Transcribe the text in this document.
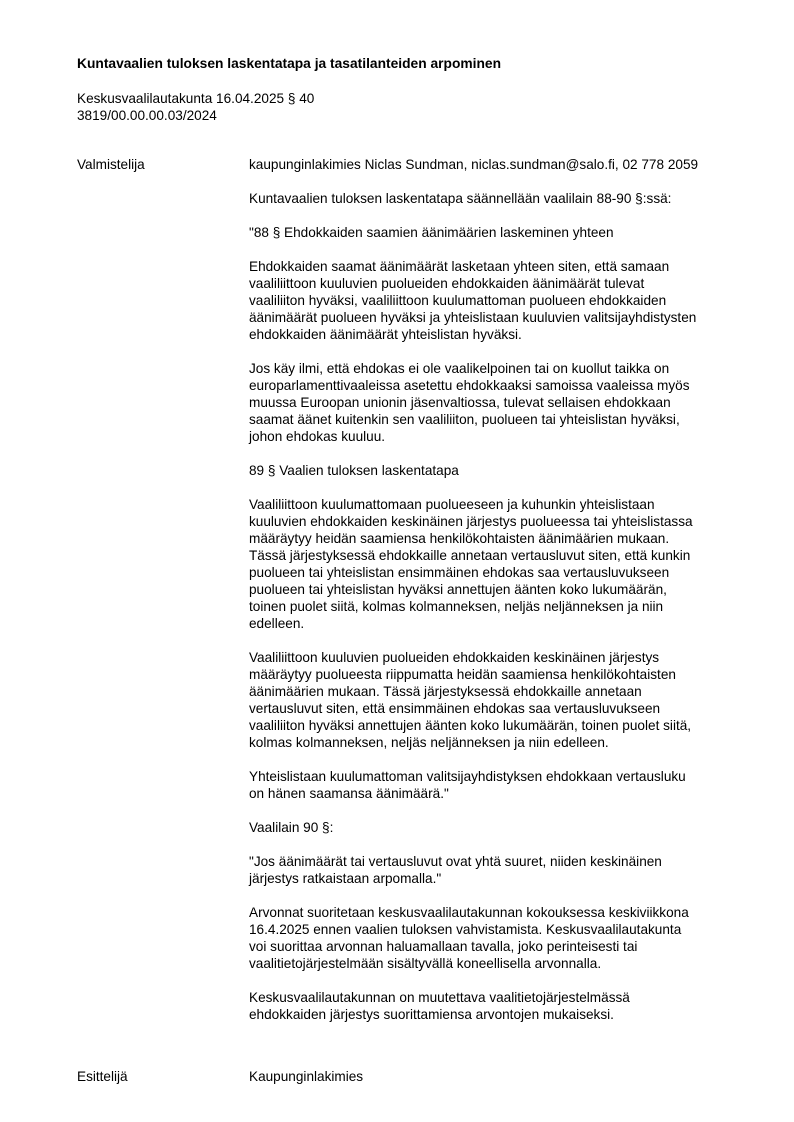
Kuntavaalien tuloksen laskentatapa ja tasatilanteiden arpominen
Keskusvaalilautakunta 16.04.2025 § 40
3819/00.00.00.03/2024
Valmistelija	kaupunginlakimies Niclas Sundman, niclas.sundman@salo.fi, 02 778 2059
Kuntavaalien tuloksen laskentatapa säännellään vaalilain 88-90 §:ssä:
"88 § Ehdokkaiden saamien äänimäärien laskeminen yhteen
Ehdokkaiden saamat äänimäärät lasketaan yhteen siten, että samaan
vaaliliittoon kuuluvien puolueiden ehdokkaiden äänimäärät tulevat
vaaliliiton hyväksi, vaaliliittoon kuulumattoman puolueen ehdokkaiden
äänimäärät puolueen hyväksi ja yhteislistaan kuuluvien valitsijayhdistysten
ehdokkaiden äänimäärät yhteislistan hyväksi.
Jos käy ilmi, että ehdokas ei ole vaalikelpoinen tai on kuollut taikka on
europarlamenttivaaleissa asetettu ehdokkaaksi samoissa vaaleissa myös
muussa Euroopan unionin jäsenvaltiossa, tulevat sellaisen ehdokkaan
saamat äänet kuitenkin sen vaaliliiton, puolueen tai yhteislistan hyväksi,
johon ehdokas kuuluu.
89 § Vaalien tuloksen laskentatapa
Vaaliliittoon kuulumattomaan puolueeseen ja kuhunkin yhteislistaan
kuuluvien ehdokkaiden keskinäinen järjestys puolueessa tai yhteislistassa
määräytyy heidän saamiensa henkilökohtaisten äänimäärien mukaan.
Tässä järjestyksessä ehdokkaille annetaan vertausluvut siten, että kunkin
puolueen tai yhteislistan ensimmäinen ehdokas saa vertausluvukseen
puolueen tai yhteislistan hyväksi annettujen äänten koko lukumäärän,
toinen puolet siitä, kolmas kolmanneksen, neljäs neljänneksen ja niin
edelleen.
Vaaliliittoon kuuluvien puolueiden ehdokkaiden keskinäinen järjestys
määräytyy puolueesta riippumatta heidän saamiensa henkilökohtaisten
äänimäärien mukaan. Tässä järjestyksessä ehdokkaille annetaan
vertausluvut siten, että ensimmäinen ehdokas saa vertausluvukseen
vaaliliiton hyväksi annettujen äänten koko lukumäärän, toinen puolet siitä,
kolmas kolmanneksen, neljäs neljänneksen ja niin edelleen.
Yhteislistaan kuulumattoman valitsijayhdistyksen ehdokkaan vertausluku
on hänen saamansa äänimäärä."
Vaalilain 90 §:
"Jos äänimäärät tai vertausluvut ovat yhtä suuret, niiden keskinäinen
järjestys ratkaistaan arpomalla."
Arvonnat suoritetaan keskusvaalilautakunnan kokouksessa keskiviikkona
16.4.2025 ennen vaalien tuloksen vahvistamista. Keskusvaalilautakunta
voi suorittaa arvonnan haluamallaan tavalla, joko perinteisesti tai
vaalitietojärjestelmään sisältyvällä koneellisella arvonnalla.
Keskusvaalilautakunnan on muutettava vaalitietojärjestelmässä
ehdokkaiden järjestys suorittamiensa arvontojen mukaiseksi.
Esittelijä	Kaupunginlakimies
